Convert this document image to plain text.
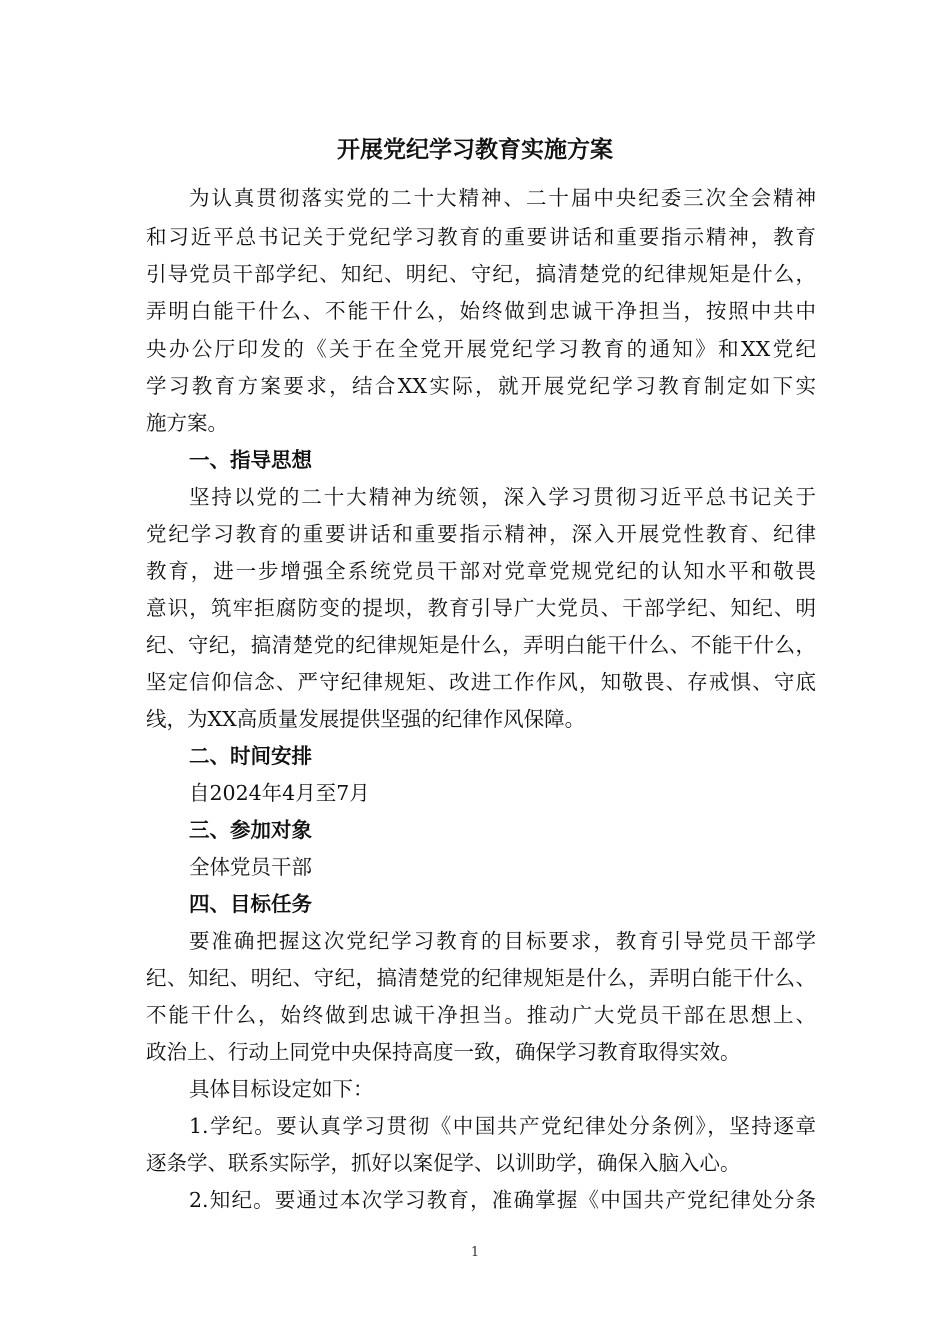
开展党纪学习教育实施方案
为认真贯彻落实党的二十大精神、二十届中央纪委三次全会精神
和习近平总书记关于党纪学习教育的重要讲话和重要指示精神，教育
引导党员干部学纪、知纪、明纪、守纪，搞清楚党的纪律规矩是什么，
弄明白能干什么、不能干什么，始终做到忠诚干净担当，按照中共中
央办公厅印发的《关于在全党开展党纪学习教育的通知》和XX党纪
学习教育方案要求，结合XX实际，就开展党纪学习教育制定如下实
施方案。
一、指导思想
坚持以党的二十大精神为统领，深入学习贯彻习近平总书记关于
党纪学习教育的重要讲话和重要指示精神，深入开展党性教育、纪律
教育，进一步增强全系统党员干部对党章党规党纪的认知水平和敬畏
意识，筑牢拒腐防变的提坝，教育引导广大党员、干部学纪、知纪、明
纪、守纪，搞清楚党的纪律规矩是什么，弄明白能干什么、不能干什么，
坚定信仰信念、严守纪律规矩、改进工作作风，知敬畏、存戒惧、守底
线，为XX高质量发展提供坚强的纪律作风保障。
二、时间安排
自2024年4月至7月
三、参加对象
全体党员干部
四、目标任务
要准确把握这次党纪学习教育的目标要求，教育引导党员干部学
纪、知纪、明纪、守纪，搞清楚党的纪律规矩是什么，弄明白能干什么、
不能干什么，始终做到忠诚干净担当。推动广大党员干部在思想上、
政治上、行动上同党中央保持高度一致，确保学习教育取得实效。
具体目标设定如下：
1.学纪。要认真学习贯彻《中国共产党纪律处分条例》，坚持逐章
逐条学、联系实际学，抓好以案促学、以训助学，确保入脑入心。
2.知纪。要通过本次学习教育，准确掌握《中国共产党纪律处分条
1
